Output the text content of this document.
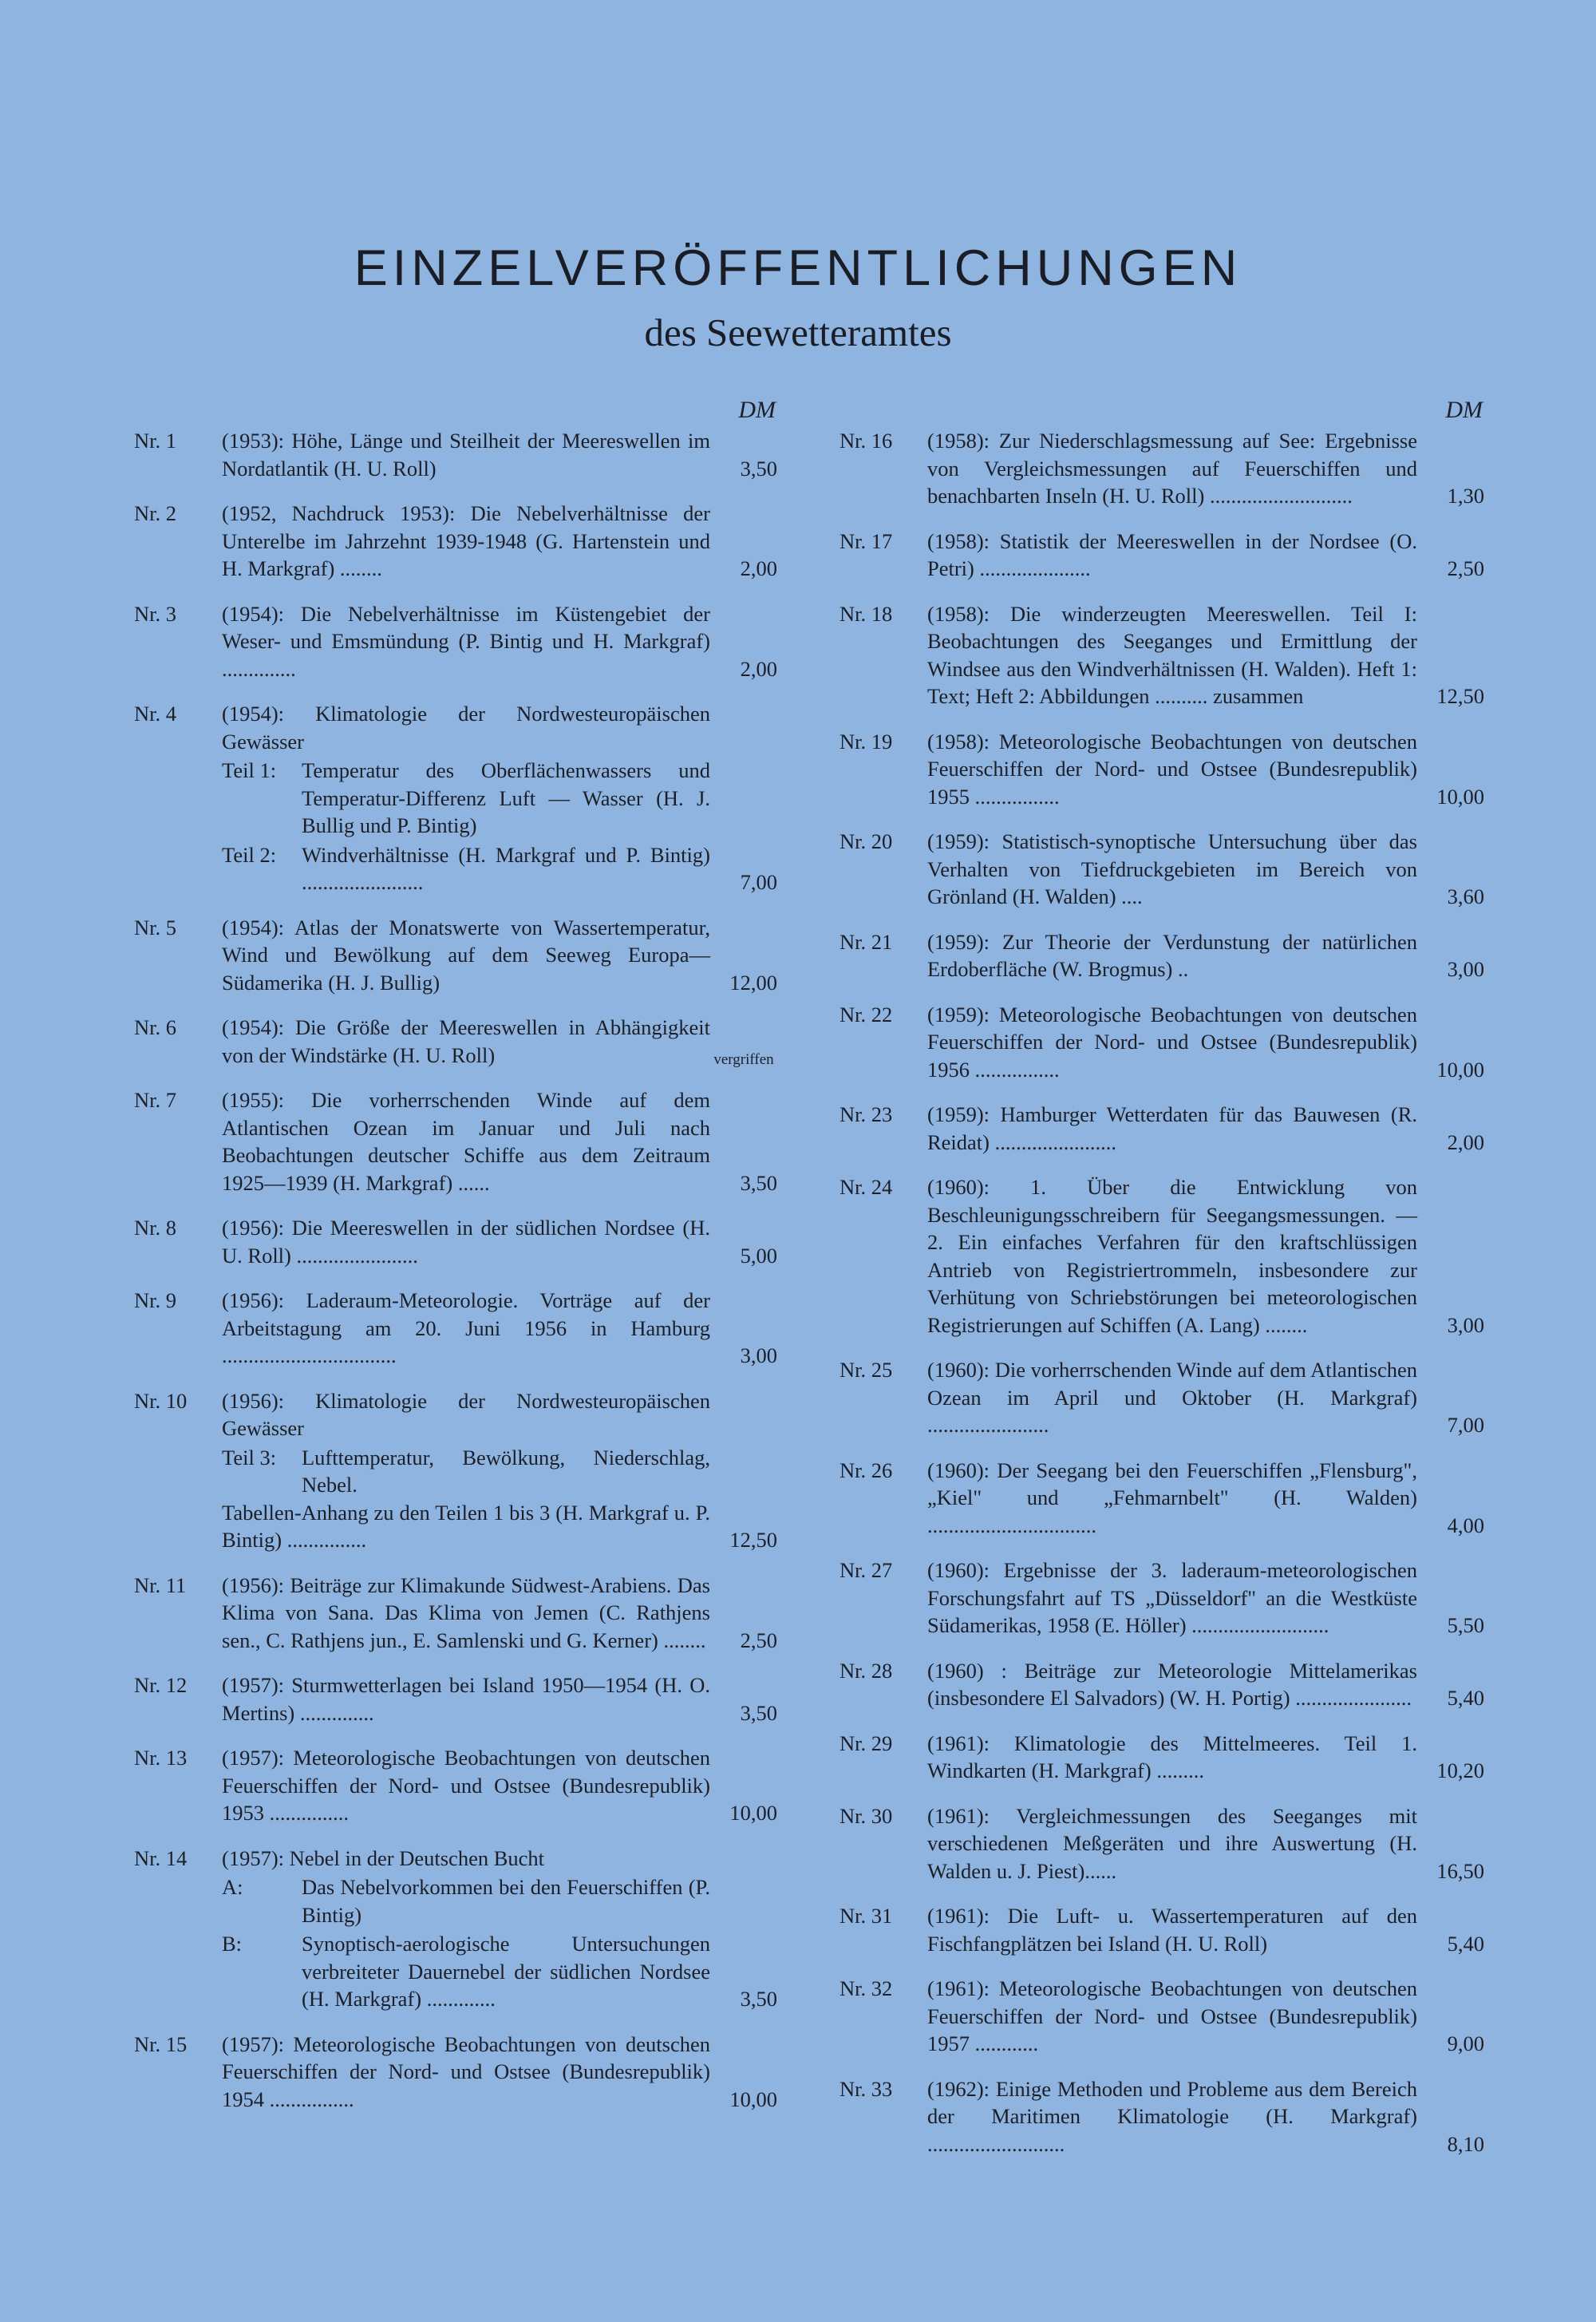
EINZELVERÖFFENTLICHUNGEN
des Seewetteramtes
DM
Nr. 1	(1953): Höhe, Länge und Steilheit der Meereswellen im Nordatlantik (H. U. Roll)	3,50
Nr. 2	(1952, Nachdruck 1953): Die Nebelverhältnisse der Unterelbe im Jahrzehnt 1939-1948 (G. Hartenstein und H. Markgraf) ........	2,00
Nr. 3	(1954): Die Nebelverhältnisse im Küstengebiet der Weser- und Emsmündung (P. Bintig und H. Markgraf) ..............	2,00
Nr. 4	(1954): Klimatologie der Nordwesteuropäischen Gewässer
Teil 1:	Temperatur des Oberflächenwassers und Temperatur-Differenz Luft — Wasser (H. J. Bullig und P. Bintig)
Teil 2:	Windverhältnisse (H. Markgraf und P. Bintig) .......................	7,00
Nr. 5	(1954): Atlas der Monatswerte von Wassertemperatur, Wind und Bewölkung auf dem Seeweg Europa—Südamerika (H. J. Bullig)	12,00
Nr. 6	(1954): Die Größe der Meereswellen in Abhängigkeit von der Windstärke (H. U. Roll)	vergriffen
Nr. 7	(1955): Die vorherrschenden Winde auf dem Atlantischen Ozean im Januar und Juli nach Beobachtungen deutscher Schiffe aus dem Zeitraum 1925—1939 (H. Markgraf) ......	3,50
Nr. 8	(1956): Die Meereswellen in der südlichen Nordsee (H. U. Roll) .......................	5,00
Nr. 9	(1956): Laderaum-Meteorologie. Vorträge auf der Arbeitstagung am 20. Juni 1956 in Hamburg .................................	3,00
Nr. 10	(1956): Klimatologie der Nordwesteuropäischen Gewässer
Teil 3:	Lufttemperatur, Bewölkung, Niederschlag, Nebel.
Tabellen-Anhang zu den Teilen 1 bis 3 (H. Markgraf u. P. Bintig) ...............	12,50
Nr. 11	(1956): Beiträge zur Klimakunde Südwest-Arabiens. Das Klima von Sana. Das Klima von Jemen (C. Rathjens sen., C. Rathjens jun., E. Samlenski und G. Kerner) ........	2,50
Nr. 12	(1957): Sturmwetterlagen bei Island 1950—1954 (H. O. Mertins) ..............	3,50
Nr. 13	(1957): Meteorologische Beobachtungen von deutschen Feuerschiffen der Nord- und Ostsee (Bundesrepublik) 1953 ...............	10,00
Nr. 14	(1957): Nebel in der Deutschen Bucht
A:	Das Nebelvorkommen bei den Feuerschiffen (P. Bintig)
B:	Synoptisch-aerologische Untersuchungen verbreiteter Dauernebel der südlichen Nordsee (H. Markgraf) .............	3,50
Nr. 15	(1957): Meteorologische Beobachtungen von deutschen Feuerschiffen der Nord- und Ostsee (Bundesrepublik) 1954 ................	10,00
DM
Nr. 16	(1958): Zur Niederschlagsmessung auf See: Ergebnisse von Vergleichsmessungen auf Feuerschiffen und benachbarten Inseln (H. U. Roll) ...........................	1,30
Nr. 17	(1958): Statistik der Meereswellen in der Nordsee (O. Petri) .....................	2,50
Nr. 18	(1958): Die winderzeugten Meereswellen. Teil I: Beobachtungen des Seeganges und Ermittlung der Windsee aus den Windverhältnissen (H. Walden). Heft 1: Text; Heft 2: Abbildungen .......... zusammen	12,50
Nr. 19	(1958): Meteorologische Beobachtungen von deutschen Feuerschiffen der Nord- und Ostsee (Bundesrepublik) 1955 ................	10,00
Nr. 20	(1959): Statistisch-synoptische Untersuchung über das Verhalten von Tiefdruckgebieten im Bereich von Grönland (H. Walden) ....	3,60
Nr. 21	(1959): Zur Theorie der Verdunstung der natürlichen Erdoberfläche (W. Brogmus) ..	3,00
Nr. 22	(1959): Meteorologische Beobachtungen von deutschen Feuerschiffen der Nord- und Ostsee (Bundesrepublik) 1956 ................	10,00
Nr. 23	(1959): Hamburger Wetterdaten für das Bauwesen (R. Reidat) .......................	2,00
Nr. 24	(1960): 1. Über die Entwicklung von Beschleunigungsschreibern für Seegangsmessungen. — 2. Ein einfaches Verfahren für den kraftschlüssigen Antrieb von Registriertrommeln, insbesondere zur Verhütung von Schriebstörungen bei meteorologischen Registrierungen auf Schiffen (A. Lang) ........	3,00
Nr. 25	(1960): Die vorherrschenden Winde auf dem Atlantischen Ozean im April und Oktober (H. Markgraf) .......................	7,00
Nr. 26	(1960): Der Seegang bei den Feuerschiffen „Flensburg", „Kiel" und „Fehmarnbelt" (H. Walden) ................................	4,00
Nr. 27	(1960): Ergebnisse der 3. laderaum-meteorologischen Forschungsfahrt auf TS „Düsseldorf" an die Westküste Südamerikas, 1958 (E. Höller) ..........................	5,50
Nr. 28	(1960) : Beiträge zur Meteorologie Mittelamerikas (insbesondere El Salvadors) (W. H. Portig) ......................	5,40
Nr. 29	(1961): Klimatologie des Mittelmeeres. Teil 1. Windkarten (H. Markgraf) .........	10,20
Nr. 30	(1961): Vergleichmessungen des Seeganges mit verschiedenen Meßgeräten und ihre Auswertung (H. Walden u. J. Piest)......	16,50
Nr. 31	(1961): Die Luft- u. Wassertemperaturen auf den Fischfangplätzen bei Island (H. U. Roll)	5,40
Nr. 32	(1961): Meteorologische Beobachtungen von deutschen Feuerschiffen der Nord- und Ostsee (Bundesrepublik) 1957 ............	9,00
Nr. 33	(1962): Einige Methoden und Probleme aus dem Bereich der Maritimen Klimatologie (H. Markgraf) ..........................	8,10
